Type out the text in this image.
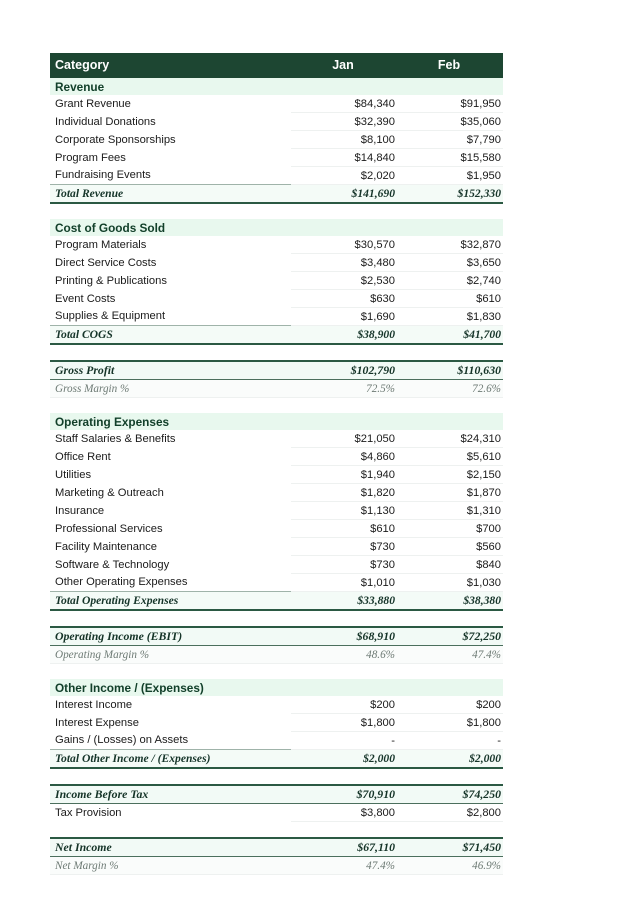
Category	Jan	Feb
Revenue		
Grant Revenue	$84,340	$91,950
Individual Donations	$32,390	$35,060
Corporate Sponsorships	$8,100	$7,790
Program Fees	$14,840	$15,580
Fundraising Events	$2,020	$1,950
Total Revenue	$141,690	$152,330

Cost of Goods Sold		
Program Materials	$30,570	$32,870
Direct Service Costs	$3,480	$3,650
Printing & Publications	$2,530	$2,740
Event Costs	$630	$610
Supplies & Equipment	$1,690	$1,830
Total COGS	$38,900	$41,700

Gross Profit	$102,790	$110,630
Gross Margin %	72.5%	72.6%

Operating Expenses		
Staff Salaries & Benefits	$21,050	$24,310
Office Rent	$4,860	$5,610
Utilities	$1,940	$2,150
Marketing & Outreach	$1,820	$1,870
Insurance	$1,130	$1,310
Professional Services	$610	$700
Facility Maintenance	$730	$560
Software & Technology	$730	$840
Other Operating Expenses	$1,010	$1,030
Total Operating Expenses	$33,880	$38,380

Operating Income (EBIT)	$68,910	$72,250
Operating Margin %	48.6%	47.4%

Other Income / (Expenses)		
Interest Income	$200	$200
Interest Expense	$1,800	$1,800
Gains / (Losses) on Assets	-	-
Total Other Income / (Expenses)	$2,000	$2,000

Income Before Tax	$70,910	$74,250
Tax Provision	$3,800	$2,800

Net Income	$67,110	$71,450
Net Margin %	47.4%	46.9%
